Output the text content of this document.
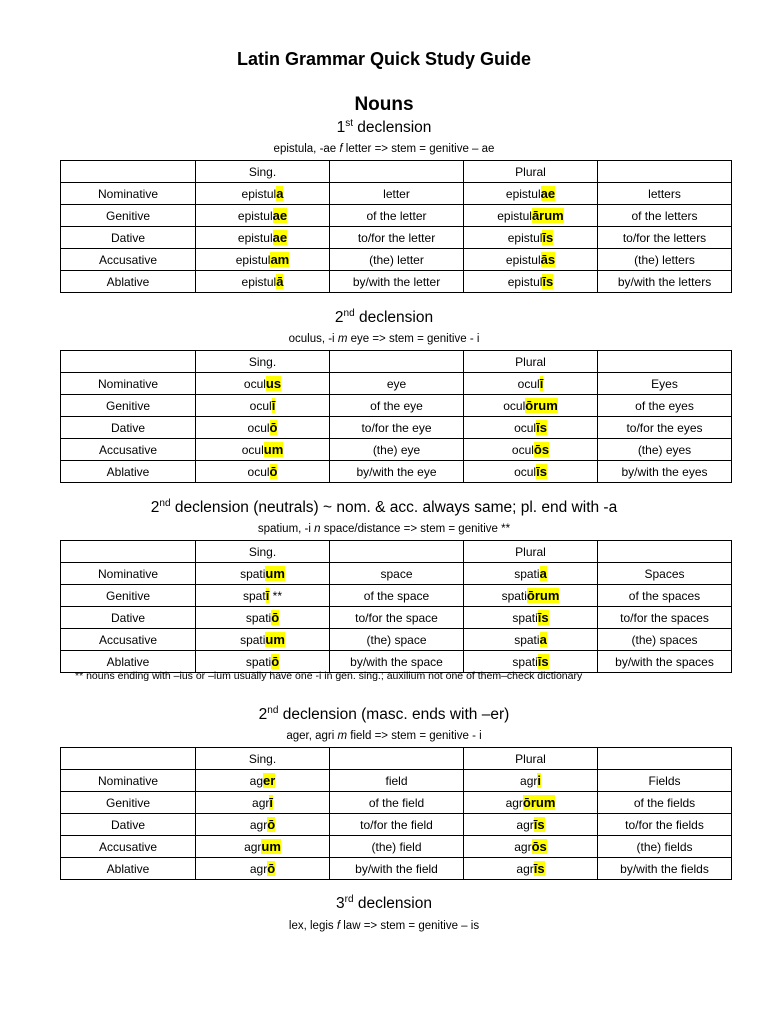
Latin Grammar Quick Study Guide
Nouns
1st declension
epistula, -ae f letter => stem = genitive – ae
	Sing.		Plural	
Nominative	epistula	letter	epistulae	letters
Genitive	epistulae	of the letter	epistulārum	of the letters
Dative	epistulae	to/for the letter	epistulīs	to/for the letters
Accusative	epistulam	(the) letter	epistulās	(the) letters
Ablative	epistulā	by/with the letter	epistulīs	by/with the letters
2nd declension
oculus, -i m eye => stem = genitive - i
	Sing.		Plural	
Nominative	oculus	eye	oculī	Eyes
Genitive	oculī	of the eye	oculōrum	of the eyes
Dative	oculō	to/for the eye	oculīs	to/for the eyes
Accusative	oculum	(the) eye	oculōs	(the) eyes
Ablative	oculō	by/with the eye	oculīs	by/with the eyes
2nd declension (neutrals) ~ nom. & acc. always same; pl. end with -a
spatium, -i n space/distance => stem = genitive **
	Sing.		Plural	
Nominative	spatium	space	spatia	Spaces
Genitive	spatī **	of the space	spatiōrum	of the spaces
Dative	spatiō	to/for the space	spatiīs	to/for the spaces
Accusative	spatium	(the) space	spatia	(the) spaces
Ablative	spatiō	by/with the space	spatiīs	by/with the spaces
** nouns ending with –ius or –ium usually have one -i in gen. sing.; auxilium not one of them–check dictionary
2nd declension (masc. ends with –er)
ager, agri m field => stem = genitive - i
	Sing.		Plural	
Nominative	ager	field	agri	Fields
Genitive	agrī	of the field	agrōrum	of the fields
Dative	agrō	to/for the field	agrīs	to/for the fields
Accusative	agrum	(the) field	agrōs	(the) fields
Ablative	agrō	by/with the field	agrīs	by/with the fields
3rd declension
lex, legis f law => stem = genitive – is
